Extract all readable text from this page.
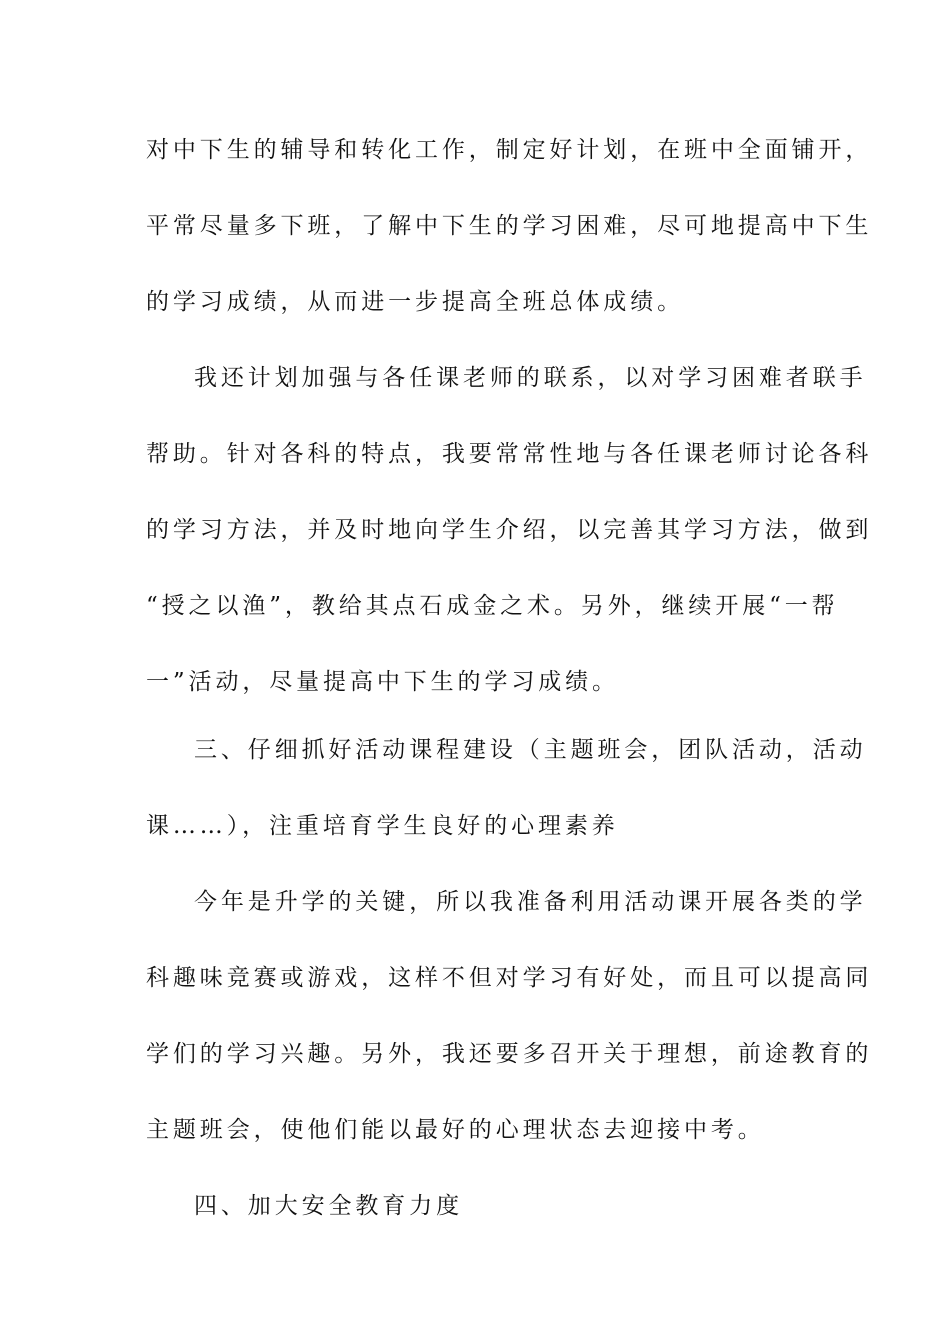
对中下生的辅导和转化工作，制定好计划，在班中全面铺开，
平常尽量多下班，了解中下生的学习困难，尽可地提高中下生
的学习成绩，从而进一步提高全班总体成绩。
我还计划加强与各任课老师的联系，以对学习困难者联手
帮助。针对各科的特点，我要常常性地与各任课老师讨论各科
的学习方法，并及时地向学生介绍，以完善其学习方法，做到
“授之以渔”，教给其点石成金之术。另外，继续开展“一帮
一”活动，尽量提高中下生的学习成绩。
三、仔细抓好活动课程建设（主题班会，团队活动，活动
课……），注重培育学生良好的心理素养
今年是升学的关键，所以我准备利用活动课开展各类的学
科趣味竞赛或游戏，这样不但对学习有好处，而且可以提高同
学们的学习兴趣。另外，我还要多召开关于理想，前途教育的
主题班会，使他们能以最好的心理状态去迎接中考。
四、加大安全教育力度
